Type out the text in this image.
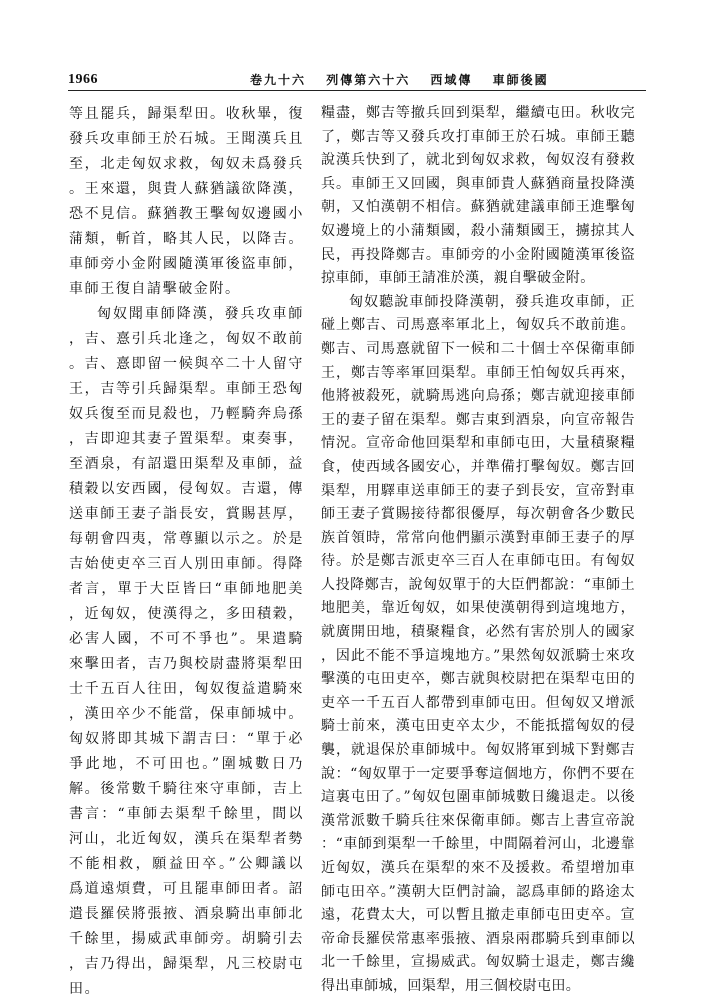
1966	卷九十六 列傳第六十六 西域傳 車師後國

等且罷兵，歸渠犁田。收秋畢，復發兵攻車師王於石城。王聞漢兵且至，北走匈奴求救，匈奴未爲發兵。王來還，與貴人蘇猶議欲降漢，恐不見信。蘇猶教王擊匈奴邊國小蒲類，斬首，略其人民，以降吉。車師旁小金附國隨漢軍後盜車師，車師王復自請擊破金附。

匈奴聞車師降漢，發兵攻車師，吉、憙引兵北逢之，匈奴不敢前。吉、憙即留一候與卒二十人留守王，吉等引兵歸渠犁。車師王恐匈奴兵復至而見殺也，乃輕騎奔烏孫，吉即迎其妻子置渠犁。東奏事，至酒泉，有詔還田渠犁及車師，益積穀以安西國，侵匈奴。吉還，傳送車師王妻子詣長安，賞賜甚厚，每朝會四夷，常尊顯以示之。於是吉始使吏卒三百人別田車師。得降者言，單于大臣皆曰“車師地肥美，近匈奴，使漢得之，多田積穀，必害人國，不可不爭也”。果遣騎來擊田者，吉乃與校尉盡將渠犁田士千五百人往田，匈奴復益遣騎來，漢田卒少不能當，保車師城中。匈奴將即其城下謂吉曰：“單于必爭此地，不可田也。”圍城數日乃解。後常數千騎往來守車師，吉上書言：“車師去渠犁千餘里，間以河山，北近匈奴，漢兵在渠犁者勢不能相救，願益田卒。”公卿議以爲道遠煩費，可且罷車師田者。詔遣長羅侯將張掖、酒泉騎出車師北千餘里，揚威武車師旁。胡騎引去，吉乃得出，歸渠犁，凡三校尉屯田。

糧盡，鄭吉等撤兵回到渠犁，繼續屯田。秋收完了，鄭吉等又發兵攻打車師王於石城。車師王聽說漢兵快到了，就北到匈奴求救，匈奴沒有發救兵。車師王又回國，與車師貴人蘇猶商量投降漢朝，又怕漢朝不相信。蘇猶就建議車師王進擊匈奴邊境上的小蒲類國，殺小蒲類國王，擄掠其人民，再投降鄭吉。車師旁的小金附國隨漢軍後盜掠車師，車師王請准於漢，親自擊破金附。

匈奴聽說車師投降漢朝，發兵進攻車師，正碰上鄭吉、司馬憙率軍北上，匈奴兵不敢前進。鄭吉、司馬憙就留下一候和二十個士卒保衛車師王，鄭吉等率軍回渠犁。車師王怕匈奴兵再來，他將被殺死，就騎馬逃向烏孫；鄭吉就迎接車師王的妻子留在渠犁。鄭吉東到酒泉，向宣帝報告情況。宣帝命他回渠犁和車師屯田，大量積聚糧食，使西域各國安心，并準備打擊匈奴。鄭吉回渠犁，用驛車送車師王的妻子到長安，宣帝對車師王妻子賞賜接待都很優厚，每次朝會各少數民族首領時，常常向他們顯示漢對車師王妻子的厚待。於是鄭吉派吏卒三百人在車師屯田。有匈奴人投降鄭吉，說匈奴單于的大臣們都說：“車師土地肥美，靠近匈奴，如果使漢朝得到這塊地方，就廣開田地，積聚糧食，必然有害於別人的國家，因此不能不爭這塊地方。”果然匈奴派騎士來攻擊漢的屯田吏卒，鄭吉就與校尉把在渠犁屯田的吏卒一千五百人都帶到車師屯田。但匈奴又增派騎士前來，漢屯田吏卒太少，不能抵擋匈奴的侵襲，就退保於車師城中。匈奴將軍到城下對鄭吉說：“匈奴單于一定要爭奪這個地方，你們不要在這裏屯田了。”匈奴包圍車師城數日纔退走。以後漢常派數千騎兵往來保衛車師。鄭吉上書宣帝說：“車師到渠犁一千餘里，中間隔着河山，北邊靠近匈奴，漢兵在渠犁的來不及援救。希望增加車師屯田卒。”漢朝大臣們討論，認爲車師的路途太遠，花費太大，可以暫且撤走車師屯田吏卒。宣帝命長羅侯常惠率張掖、酒泉兩郡騎兵到車師以北一千餘里，宣揚威武。匈奴騎士退走，鄭吉纔得出車師城，回渠犁，用三個校尉屯田。
